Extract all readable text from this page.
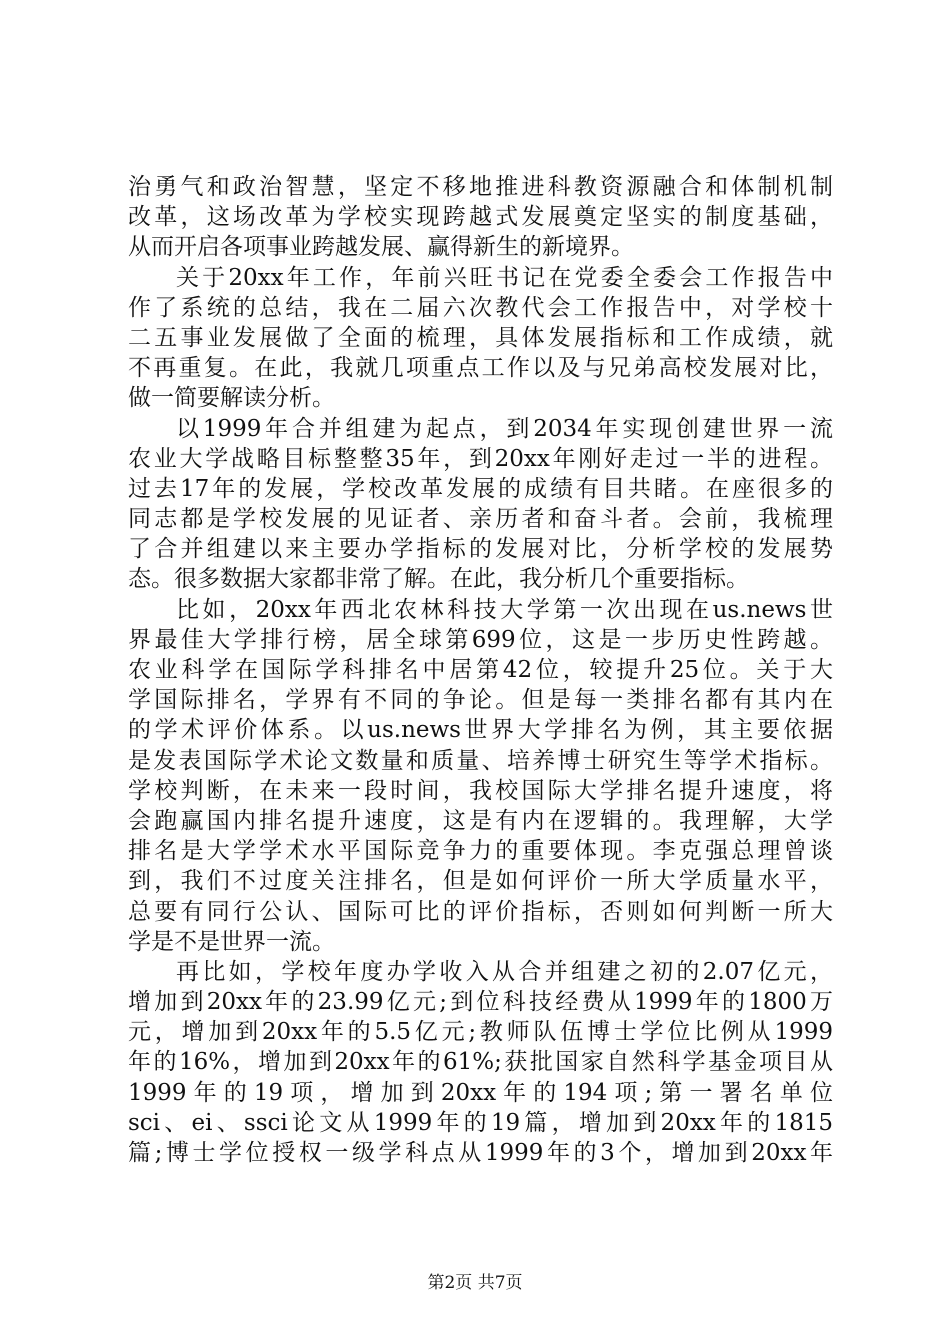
治勇气和政治智慧，坚定不移地推进科教资源融合和体制机制
改革，这场改革为学校实现跨越式发展奠定坚实的制度基础，
从而开启各项事业跨越发展、赢得新生的新境界。
关于20xx年工作，年前兴旺书记在党委全委会工作报告中
作了系统的总结，我在二届六次教代会工作报告中，对学校十
二五事业发展做了全面的梳理，具体发展指标和工作成绩，就
不再重复。在此，我就几项重点工作以及与兄弟高校发展对比，
做一简要解读分析。
以1999年合并组建为起点，到2034年实现创建世界一流
农业大学战略目标整整35年，到20xx年刚好走过一半的进程。
过去17年的发展，学校改革发展的成绩有目共睹。在座很多的
同志都是学校发展的见证者、亲历者和奋斗者。会前，我梳理
了合并组建以来主要办学指标的发展对比，分析学校的发展势
态。很多数据大家都非常了解。在此，我分析几个重要指标。
比如，20xx年西北农林科技大学第一次出现在us.news世
界最佳大学排行榜，居全球第699位，这是一步历史性跨越。
农业科学在国际学科排名中居第42位，较提升25位。关于大
学国际排名，学界有不同的争论。但是每一类排名都有其内在
的学术评价体系。以us.news世界大学排名为例，其主要依据
是发表国际学术论文数量和质量、培养博士研究生等学术指标。
学校判断，在未来一段时间，我校国际大学排名提升速度，将
会跑赢国内排名提升速度，这是有内在逻辑的。我理解，大学
排名是大学学术水平国际竞争力的重要体现。李克强总理曾谈
到，我们不过度关注排名，但是如何评价一所大学质量水平，
总要有同行公认、国际可比的评价指标，否则如何判断一所大
学是不是世界一流。
再比如，学校年度办学收入从合并组建之初的2.07亿元，
增加到20xx年的23.99亿元;到位科技经费从1999年的1800万
元，增加到20xx年的5.5亿元;教师队伍博士学位比例从1999
年的16%，增加到20xx年的61%;获批国家自然科学基金项目从
1999年的19项，增加到20xx年的194项;第一署名单位
sci、ei、ssci论文从1999年的19篇，增加到20xx年的1815
篇;博士学位授权一级学科点从1999年的3个，增加到20xx年
第2页 共7页
